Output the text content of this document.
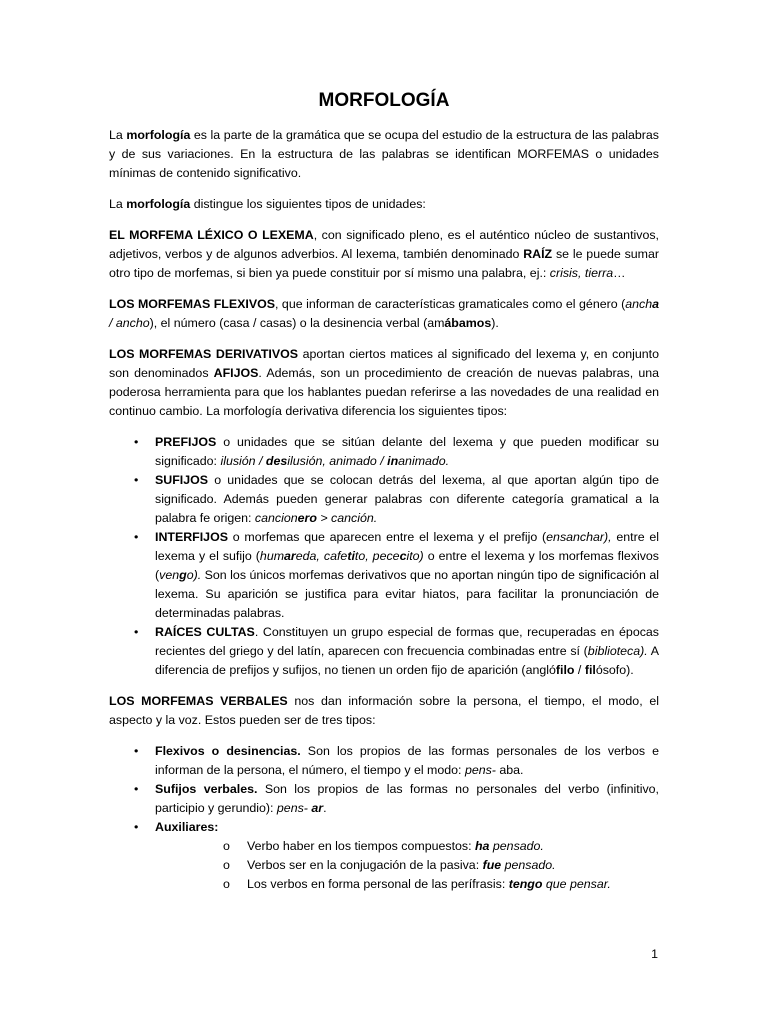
MORFOLOGÍA

La morfología es la parte de la gramática que se ocupa del estudio de la estructura de las palabras y de sus variaciones. En la estructura de las palabras se identifican MORFEMAS o unidades mínimas de contenido significativo.

La morfología distingue los siguientes tipos de unidades:

EL MORFEMA LÉXICO O LEXEMA, con significado pleno, es el auténtico núcleo de sustantivos, adjetivos, verbos y de algunos adverbios. Al lexema, también denominado RAÍZ se le puede sumar otro tipo de morfemas, si bien ya puede constituir por sí mismo una palabra, ej.: crisis, tierra…

LOS MORFEMAS FLEXIVOS, que informan de características gramaticales como el género (ancha / ancho), el número (casa / casas) o la desinencia verbal (amábamos).

LOS MORFEMAS DERIVATIVOS aportan ciertos matices al significado del lexema y, en conjunto son denominados AFIJOS. Además, son un procedimiento de creación de nuevas palabras, una poderosa herramienta para que los hablantes puedan referirse a las novedades de una realidad en continuo cambio. La morfología derivativa diferencia los siguientes tipos:

• PREFIJOS o unidades que se sitúan delante del lexema y que pueden modificar su significado: ilusión / desilusión, animado / inanimado.
• SUFIJOS o unidades que se colocan detrás del lexema, al que aportan algún tipo de significado. Además pueden generar palabras con diferente categoría gramatical a la palabra fe origen: cancionero > canción.
• INTERFIJOS o morfemas que aparecen entre el lexema y el prefijo (ensanchar), entre el lexema y el sufijo (humareda, cafetito, pececito) o entre el lexema y los morfemas flexivos (vengo). Son los únicos morfemas derivativos que no aportan ningún tipo de significación al lexema. Su aparición se justifica para evitar hiatos, para facilitar la pronunciación de determinadas palabras.
• RAÍCES CULTAS. Constituyen un grupo especial de formas que, recuperadas en épocas recientes del griego y del latín, aparecen con frecuencia combinadas entre sí (biblioteca). A diferencia de prefijos y sufijos, no tienen un orden fijo de aparición (anglófilo / filósofo).

LOS MORFEMAS VERBALES nos dan información sobre la persona, el tiempo, el modo, el aspecto y la voz. Estos pueden ser de tres tipos:

• Flexivos o desinencias. Son los propios de las formas personales de los verbos e informan de la persona, el número, el tiempo y el modo: pens- aba.
• Sufijos verbales. Son los propios de las formas no personales del verbo (infinitivo, participio y gerundio): pens- ar.
• Auxiliares:
o Verbo haber en los tiempos compuestos: ha pensado.
o Verbos ser en la conjugación de la pasiva: fue pensado.
o Los verbos en forma personal de las perífrasis: tengo que pensar.
1
